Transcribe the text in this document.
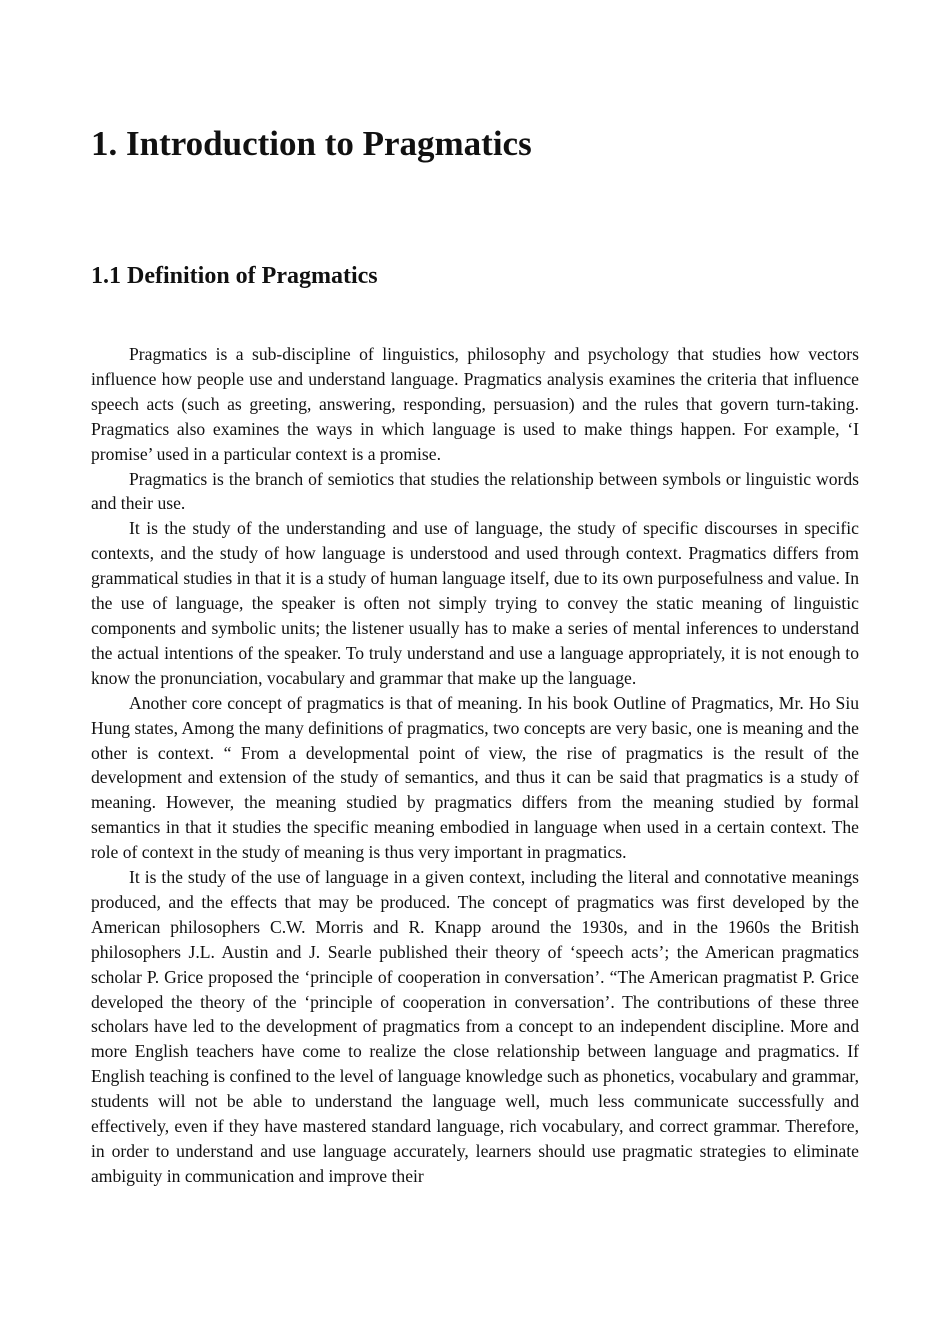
1. Introduction to Pragmatics
1.1 Definition of Pragmatics

Pragmatics is a sub-discipline of linguistics, philosophy and psychology that studies how vectors influence how people use and understand language. Pragmatics analysis examines the criteria that influence speech acts (such as greeting, answering, responding, persuasion) and the rules that govern turn-taking. Pragmatics also examines the ways in which language is used to make things happen. For example, ‘I promise’ used in a particular context is a promise.

Pragmatics is the branch of semiotics that studies the relationship between symbols or linguistic words and their use.

It is the study of the understanding and use of language, the study of specific discourses in specific contexts, and the study of how language is understood and used through context. Pragmatics differs from grammatical studies in that it is a study of human language itself, due to its own purposefulness and value. In the use of language, the speaker is often not simply trying to convey the static meaning of linguistic components and symbolic units; the listener usually has to make a series of mental inferences to understand the actual intentions of the speaker. To truly understand and use a language appropriately, it is not enough to know the pronunciation, vocabulary and grammar that make up the language.

Another core concept of pragmatics is that of meaning. In his book Outline of Pragmatics, Mr. Ho Siu Hung states, Among the many definitions of pragmatics, two concepts are very basic, one is meaning and the other is context. “ From a developmental point of view, the rise of pragmatics is the result of the development and extension of the study of semantics, and thus it can be said that pragmatics is a study of meaning. However, the meaning studied by pragmatics differs from the meaning studied by formal semantics in that it studies the specific meaning embodied in language when used in a certain context. The role of context in the study of meaning is thus very important in pragmatics.

It is the study of the use of language in a given context, including the literal and connotative meanings produced, and the effects that may be produced. The concept of pragmatics was first developed by the American philosophers C.W. Morris and R. Knapp around the 1930s, and in the 1960s the British philosophers J.L. Austin and J. Searle published their theory of ‘speech acts’; the American pragmatics scholar P. Grice proposed the ‘principle of cooperation in conversation’. “The American pragmatist P. Grice developed the theory of the ‘principle of cooperation in conversation’. The contributions of these three scholars have led to the development of pragmatics from a concept to an independent discipline. More and more English teachers have come to realize the close relationship between language and pragmatics. If English teaching is confined to the level of language knowledge such as phonetics, vocabulary and grammar, students will not be able to understand the language well, much less communicate successfully and effectively, even if they have mastered standard language, rich vocabulary, and correct grammar. Therefore, in order to understand and use language accurately, learners should use pragmatic strategies to eliminate ambiguity in communication and improve their
